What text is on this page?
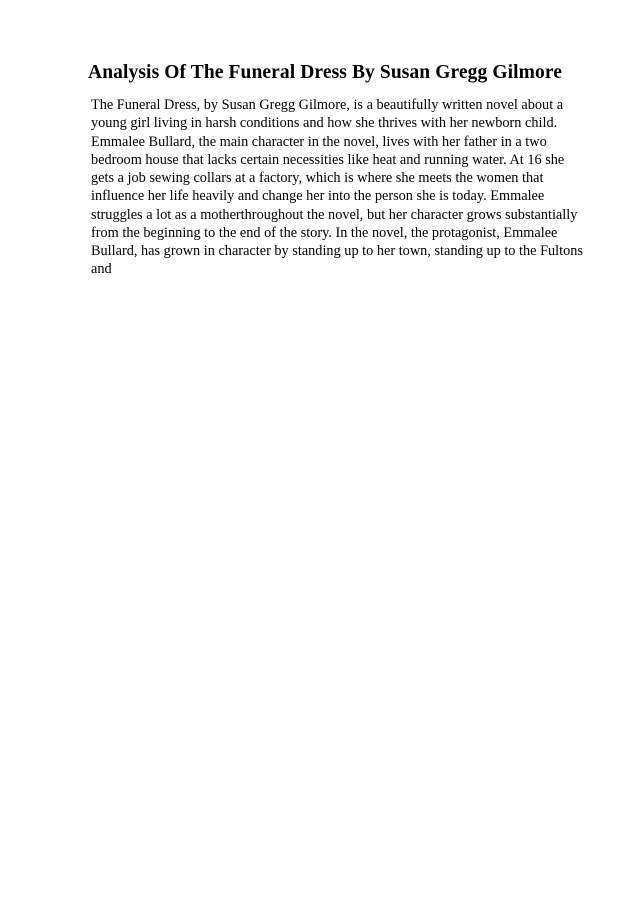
Analysis Of The Funeral Dress By Susan Gregg Gilmore
The Funeral Dress, by Susan Gregg Gilmore, is a beautifully written novel about a
young girl living in harsh conditions and how she thrives with her newborn child.
Emmalee Bullard, the main character in the novel, lives with her father in a two
bedroom house that lacks certain necessities like heat and running water. At 16 she
gets a job sewing collars at a factory, which is where she meets the women that
influence her life heavily and change her into the person she is today. Emmalee
struggles a lot as a motherthroughout the novel, but her character grows substantially
from the beginning to the end of the story. In the novel, the protagonist, Emmalee
Bullard, has grown in character by standing up to her town, standing up to the Fultons
and
